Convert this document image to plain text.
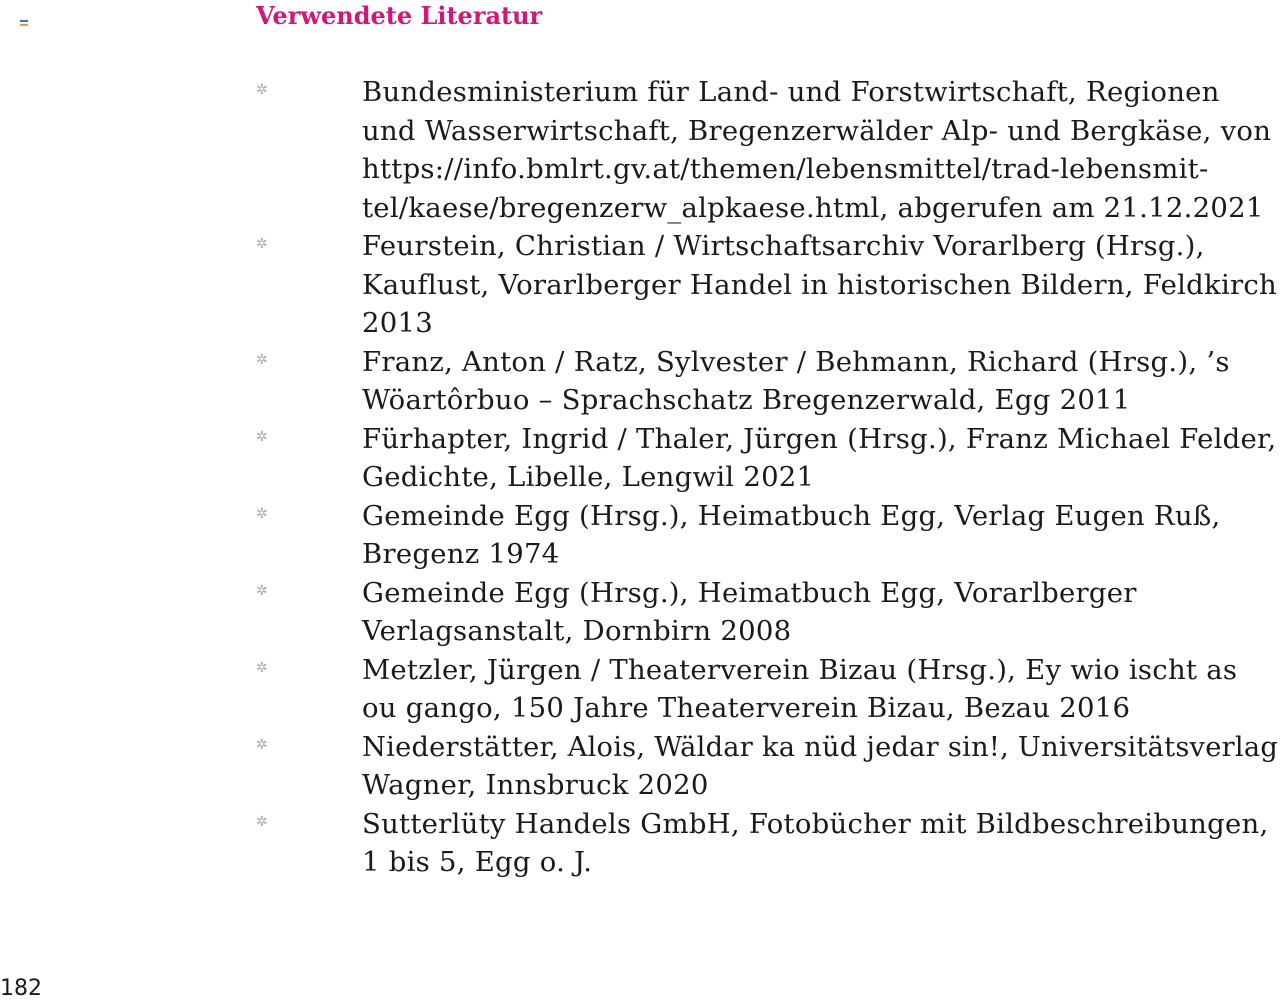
Verwendete Literatur
✲	Bundesministerium für Land- und Forstwirtschaft, Regionen
und Wasserwirtschaft, Bregenzerwälder Alp- und Bergkäse, von
https://info.bmlrt.gv.at/themen/lebensmittel/trad-lebensmit-
tel/kaese/bregenzerw_alpkaese.html, abgerufen am 21.12.2021
✲	Feurstein, Christian / Wirtschaftsarchiv Vorarlberg (Hrsg.),
Kauflust, Vorarlberger Handel in historischen Bildern, Feldkirch
2013
✲	Franz, Anton / Ratz, Sylvester / Behmann, Richard (Hrsg.), ’s
Wöartôrbuo – Sprachschatz Bregenzerwald, Egg 2011
✲	Fürhapter, Ingrid / Thaler, Jürgen (Hrsg.), Franz Michael Felder,
Gedichte, Libelle, Lengwil 2021
✲	Gemeinde Egg (Hrsg.), Heimatbuch Egg, Verlag Eugen Ruß,
Bregenz 1974
✲	Gemeinde Egg (Hrsg.), Heimatbuch Egg, Vorarlberger
Verlagsanstalt, Dornbirn 2008
✲	Metzler, Jürgen / Theaterverein Bizau (Hrsg.), Ey wio ischt as
ou gango, 150 Jahre Theaterverein Bizau, Bezau 2016
✲	Niederstätter, Alois, Wäldar ka nüd jedar sin!, Universitätsverlag
Wagner, Innsbruck 2020
✲	Sutterlüty Handels GmbH, Fotobücher mit Bildbeschreibungen,
1 bis 5, Egg o. J.
182
